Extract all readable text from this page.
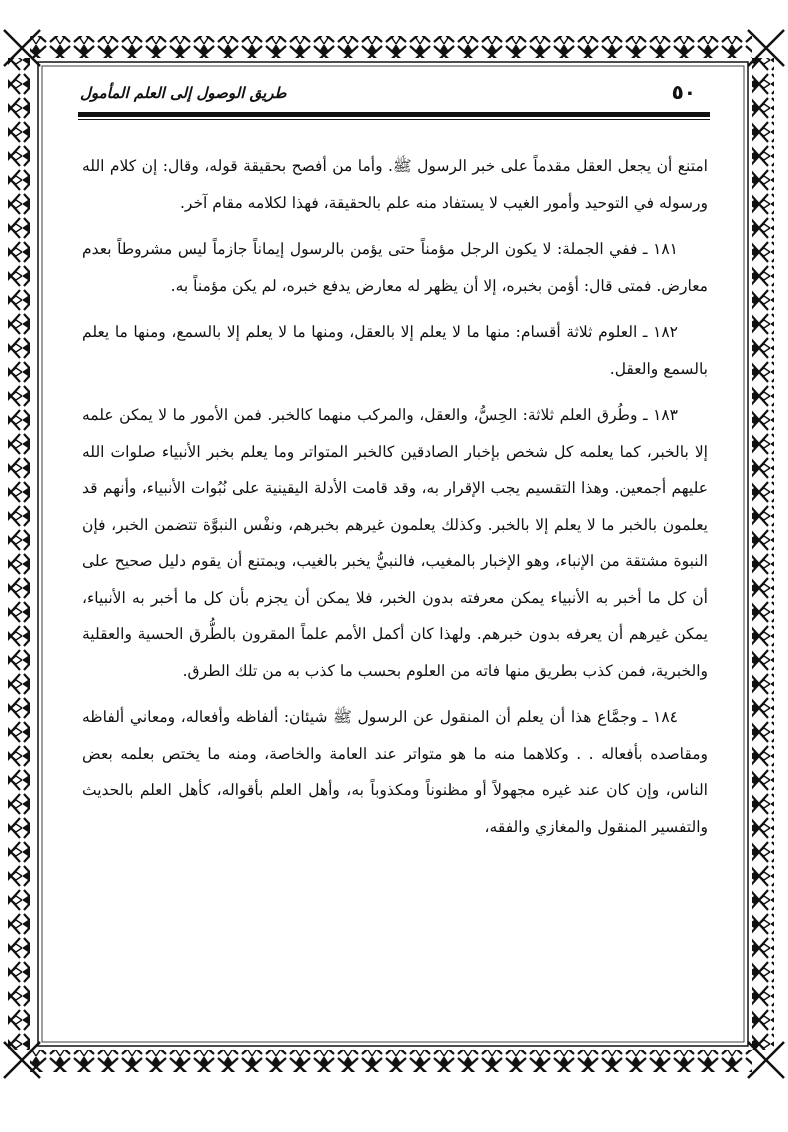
طريق الوصول إلى العلم المأمول	٥٠

امتنع أن يجعل العقل مقدماً على خبر الرسول ﷺ. وأما من أفصح بحقيقة قوله، وقال: إن كلام الله ورسوله في التوحيد وأمور الغيب لا يستفاد منه علم بالحقيقة، فهذا لكلامه مقام آخر.

١٨١ ـ ففي الجملة: لا يكون الرجل مؤمناً حتى يؤمن بالرسول إيماناً جازماً ليس مشروطاً بعدم معارض. فمتى قال: أؤمن بخبره، إلا أن يظهر له معارض يدفع خبره، لم يكن مؤمناً به.

١٨٢ ـ العلوم ثلاثة أقسام: منها ما لا يعلم إلا بالعقل، ومنها ما لا يعلم إلا بالسمع، ومنها ما يعلم بالسمع والعقل.

١٨٣ ـ وطُرق العلم ثلاثة: الحِسُّ، والعقل، والمركب منهما كالخبر. فمن الأمور ما لا يمكن علمه إلا بالخبر، كما يعلمه كل شخص بإخبار الصادقين كالخبر المتواتر وما يعلم بخبر الأنبياء صلوات الله عليهم أجمعين. وهذا التقسيم يجب الإقرار به، وقد قامت الأدلة اليقينية على نُبُوات الأنبياء، وأنهم قد يعلمون بالخبر ما لا يعلم إلا بالخبر. وكذلك يعلمون غيرهم بخبرهم، ونفْس النبوَّة تتضمن الخبر، فإن النبوة مشتقة من الإنباء، وهو الإخبار بالمغيب، فالنبيُّ يخبر بالغيب، ويمتنع أن يقوم دليل صحيح على أن كل ما أخبر به الأنبياء يمكن معرفته بدون الخبر، فلا يمكن أن يجزم بأن كل ما أخبر به الأنبياء، يمكن غيرهم أن يعرفه بدون خبرهم. ولهذا كان أكمل الأمم علماً المقرون بالطُّرق الحسية والعقلية والخبرية، فمن كذب بطريق منها فاته من العلوم بحسب ما كذب به من تلك الطرق.

١٨٤ ـ وجمَّاع هذا أن يعلم أن المنقول عن الرسول ﷺ شيئان: ألفاظه وأفعاله، ومعاني ألفاظه ومقاصده بأفعاله . . وكلاهما منه ما هو متواتر عند العامة والخاصة، ومنه ما يختص بعلمه بعض الناس، وإن كان عند غيره مجهولاً أو مظنوناً ومكذوباً به، وأهل العلم بأقواله، كأهل العلم بالحديث والتفسير المنقول والمغازي والفقه،
